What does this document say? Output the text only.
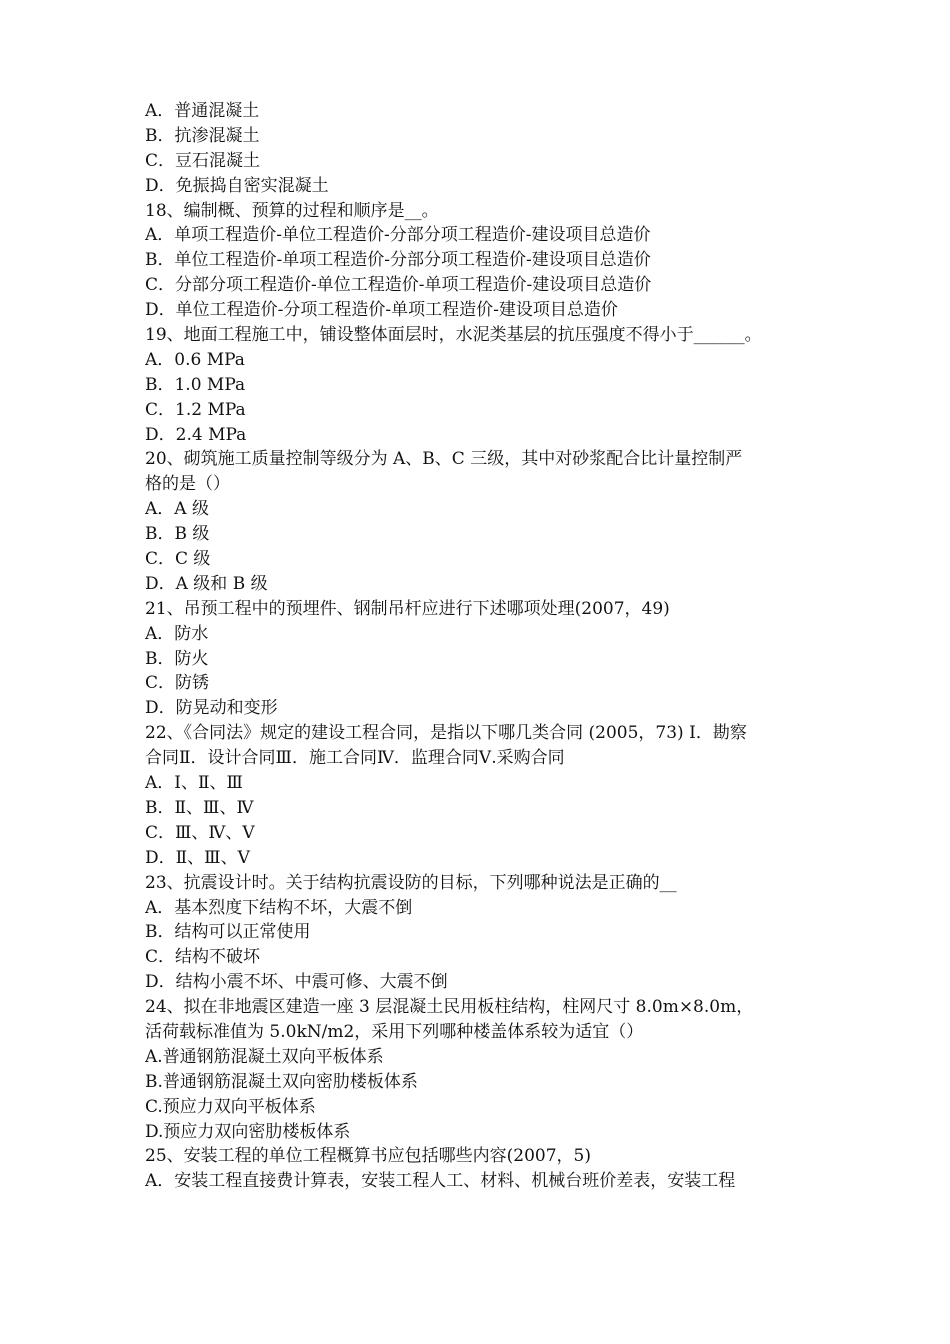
A．普通混凝土
B．抗渗混凝土
C．豆石混凝土
D．免振捣自密实混凝土
18、编制概、预算的过程和顺序是__。
A．单项工程造价-单位工程造价-分部分项工程造价-建设项目总造价
B．单位工程造价-单项工程造价-分部分项工程造价-建设项目总造价
C．分部分项工程造价-单位工程造价-单项工程造价-建设项目总造价
D．单位工程造价-分项工程造价-单项工程造价-建设项目总造价
19、地面工程施工中，铺设整体面层时，水泥类基层的抗压强度不得小于______。
A．0.6 MPa
B．1.0 MPa
C．1.2 MPa
D．2.4 MPa
20、砌筑施工质量控制等级分为 A、B、C 三级，其中对砂浆配合比计量控制严
格的是（）
A．A 级
B．B 级
C．C 级
D．A 级和 B 级
21、吊预工程中的预埋件、钢制吊杆应进行下述哪项处理(2007，49)
A．防水
B．防火
C．防锈
D．防晃动和变形
22、《合同法》规定的建设工程合同，是指以下哪几类合同 (2005，73) Ⅰ．勘察
合同Ⅱ．设计合同Ⅲ．施工合同Ⅳ．监理合同Ⅴ.采购合同
A．Ⅰ、Ⅱ、Ⅲ
B．Ⅱ、Ⅲ、Ⅳ
C．Ⅲ、Ⅳ、Ⅴ
D．Ⅱ、Ⅲ、Ⅴ
23、抗震设计时。关于结构抗震设防的目标，下列哪种说法是正确的__
A．基本烈度下结构不坏，大震不倒
B．结构可以正常使用
C．结构不破坏
D．结构小震不坏、中震可修、大震不倒
24、拟在非地震区建造一座 3 层混凝土民用板柱结构，柱网尺寸 8.0m×8.0m，
活荷载标准值为 5.0kN/m2，采用下列哪种楼盖体系较为适宜（）
A.普通钢筋混凝土双向平板体系
B.普通钢筋混凝土双向密肋楼板体系
C.预应力双向平板体系
D.预应力双向密肋楼板体系
25、安装工程的单位工程概算书应包括哪些内容(2007，5)
A．安装工程直接费计算表，安装工程人工、材料、机械台班价差表，安装工程
